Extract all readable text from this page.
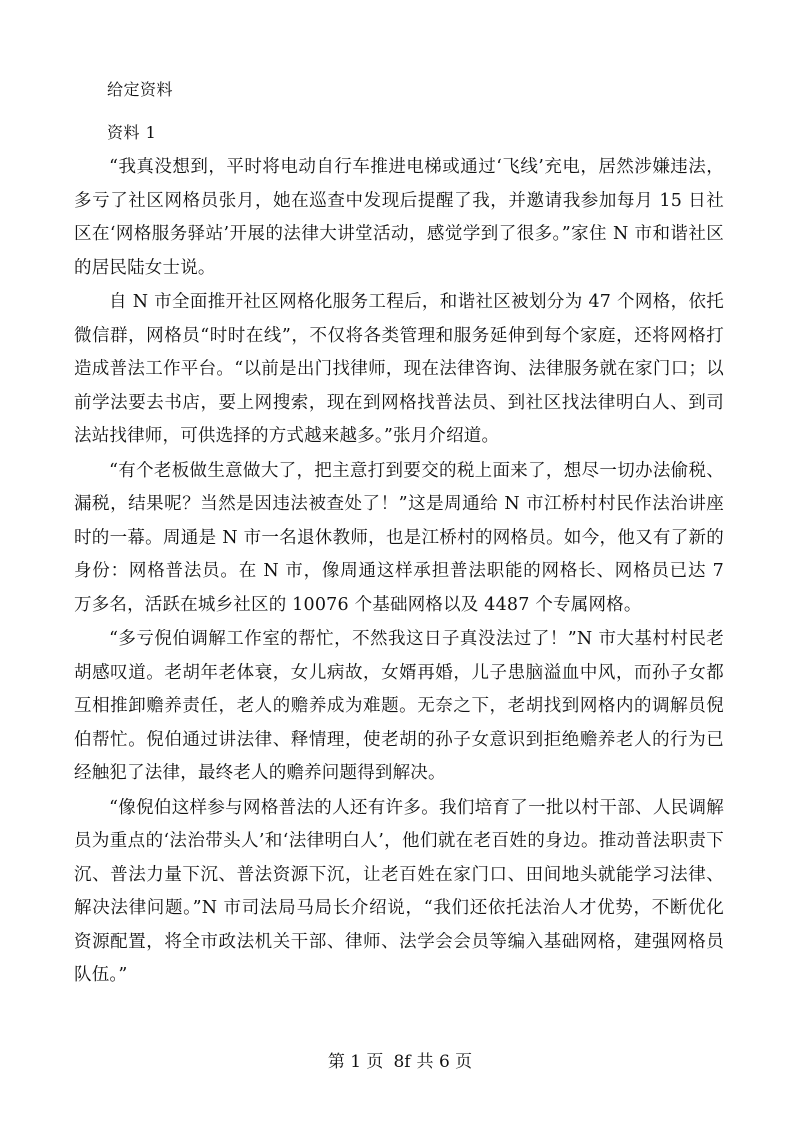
给定资料
资料 1

“我真没想到，平时将电动自行车推进电梯或通过‘飞线’充电，居然涉嫌违法，多亏了社区网格员张月，她在巡查中发现后提醒了我，并邀请我参加每月 15 日社区在‘网格服务驿站’开展的法律大讲堂活动，感觉学到了很多。”家住 N 市和谐社区的居民陆女士说。

自 N 市全面推开社区网格化服务工程后，和谐社区被划分为 47 个网格，依托微信群，网格员“时时在线”，不仅将各类管理和服务延伸到每个家庭，还将网格打造成普法工作平台。“以前是出门找律师，现在法律咨询、法律服务就在家门口；以前学法要去书店，要上网搜索，现在到网格找普法员、到社区找法律明白人、到司法站找律师，可供选择的方式越来越多。”张月介绍道。

“有个老板做生意做大了，把主意打到要交的税上面来了，想尽一切办法偷税、漏税，结果呢？当然是因违法被查处了！”这是周通给 N 市江桥村村民作法治讲座时的一幕。周通是 N 市一名退休教师，也是江桥村的网格员。如今，他又有了新的身份：网格普法员。在 N 市，像周通这样承担普法职能的网格长、网格员已达 7 万多名，活跃在城乡社区的 10076 个基础网格以及 4487 个专属网格。

“多亏倪伯调解工作室的帮忙，不然我这日子真没法过了！”N 市大基村村民老胡感叹道。老胡年老体衰，女儿病故，女婿再婚，儿子患脑溢血中风，而孙子女都互相推卸赡养责任，老人的赡养成为难题。无奈之下，老胡找到网格内的调解员倪伯帮忙。倪伯通过讲法律、释情理，使老胡的孙子女意识到拒绝赡养老人的行为已经触犯了法律，最终老人的赡养问题得到解决。

“像倪伯这样参与网格普法的人还有许多。我们培育了一批以村干部、人民调解员为重点的‘法治带头人’和‘法律明白人’，他们就在老百姓的身边。推动普法职责下沉、普法力量下沉、普法资源下沉，让老百姓在家门口、田间地头就能学习法律、解决法律问题。”N 市司法局马局长介绍说，“我们还依托法治人才优势，不断优化资源配置，将全市政法机关干部、律师、法学会会员等编入基础网格，建强网格员队伍。”

第 1 页 8f 共 6 页
